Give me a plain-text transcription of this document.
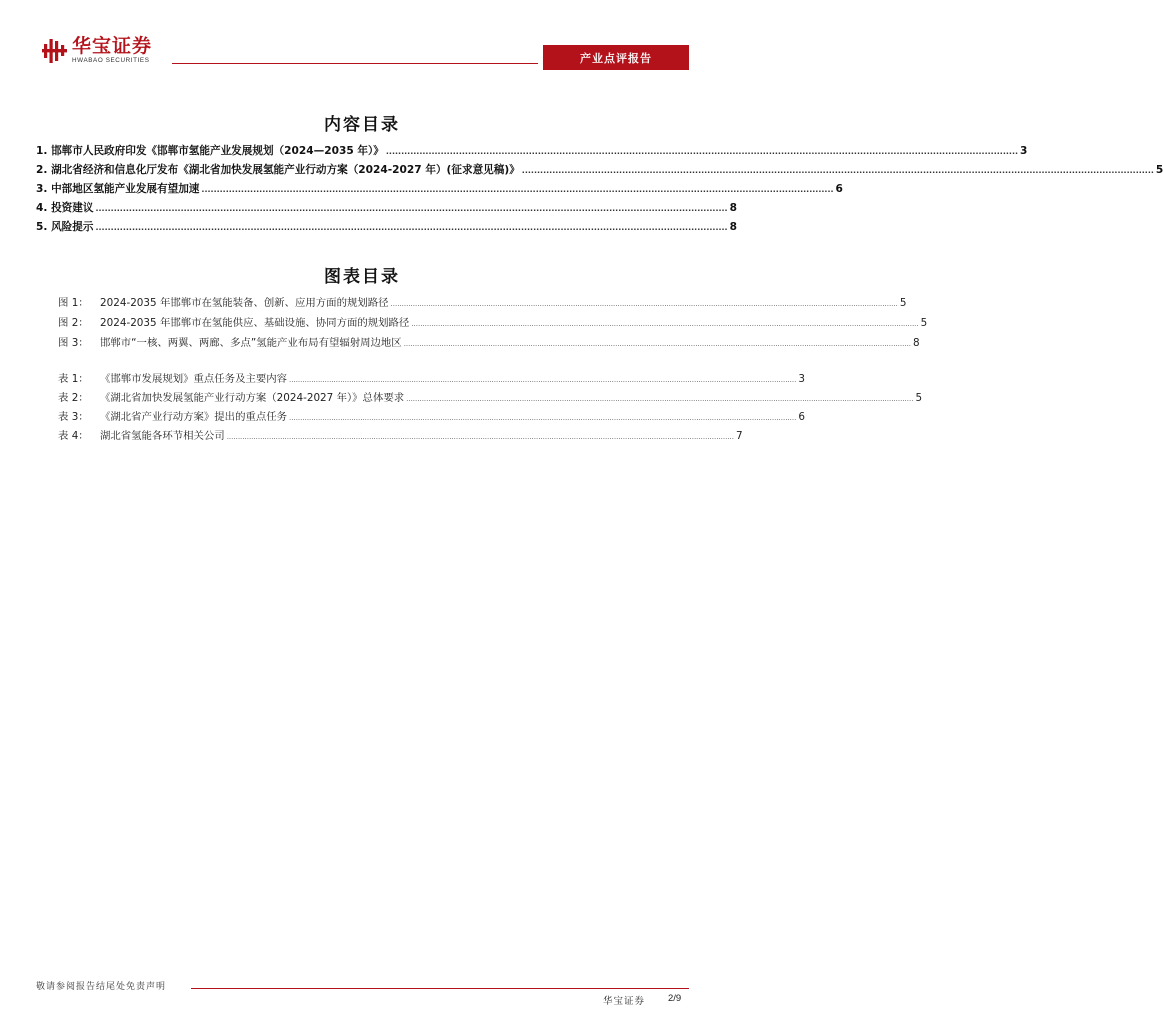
华宝证券
HWABAO SECURITIES	产业点评报告
内容目录
1. 邯郸市人民政府印发《邯郸市氢能产业发展规划（2024—2035 年）》 ................................................................................................................................................................................................................ 3
2. 湖北省经济和信息化厅发布《湖北省加快发展氢能产业行动方案（2024-2027 年）(征求意见稿)》 ................................................................................................................................................................................................................ 5
3. 中部地区氢能产业发展有望加速 ................................................................................................................................................................................................................ 6
4. 投资建议 ................................................................................................................................................................................................................ 8
5. 风险提示 ................................................................................................................................................................................................................ 8
图表目录
图 1： 2024-2035 年邯郸市在氢能装备、创新、应用方面的规划路径 .................................................................................................................................................................................................................................... 5
图 2： 2024-2035 年邯郸市在氢能供应、基础设施、协同方面的规划路径 .................................................................................................................................................................................................................................... 5
图 3： 邯郸市“一核、两翼、两廊、多点”氢能产业布局有望辐射周边地区 .................................................................................................................................................................................................................................... 8
表 1： 《邯郸市发展规划》重点任务及主要内容 .................................................................................................................................................................................................................................... 3
表 2： 《湖北省加快发展氢能产业行动方案（2024-2027 年）》总体要求 .................................................................................................................................................................................................................................... 5
表 3： 《湖北省产业行动方案》提出的重点任务 .................................................................................................................................................................................................................................... 6
表 4： 湖北省氢能各环节相关公司 .................................................................................................................................................................................................................................... 7
敬请参阅报告结尾处免责声明
华宝证券 2/9
